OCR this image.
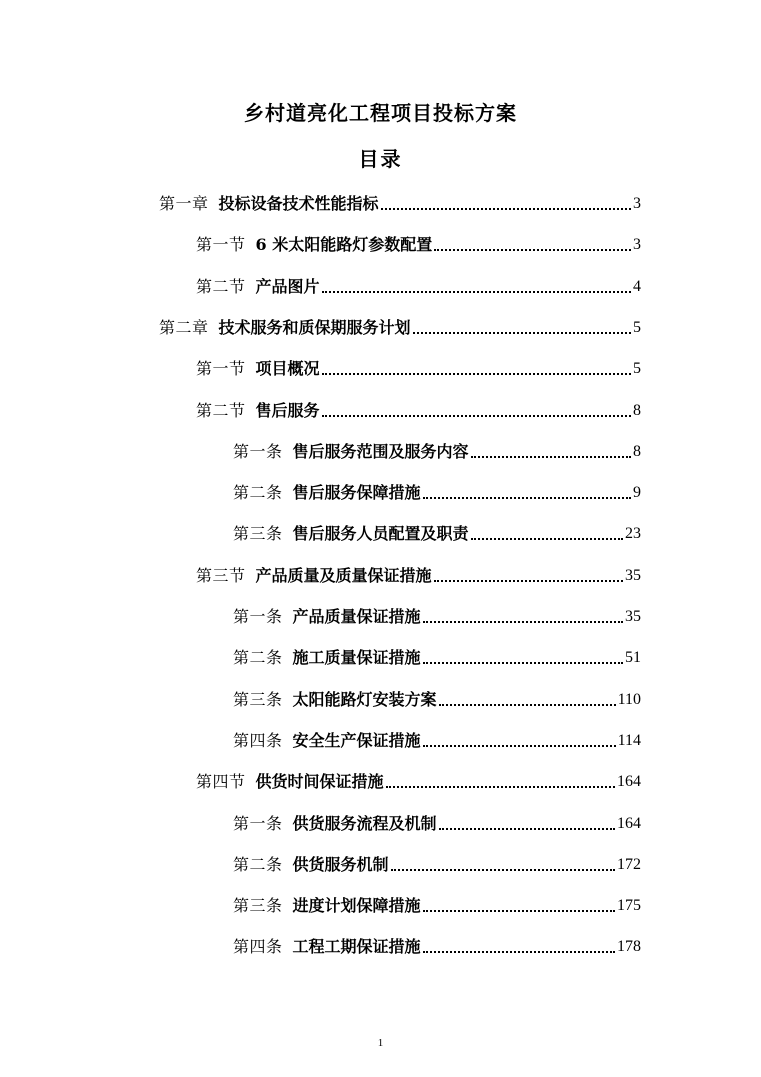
乡村道亮化工程项目投标方案
目录
第一章 投标设备技术性能指标	3
第一节 6 米太阳能路灯参数配置	3
第二节 产品图片	4
第二章 技术服务和质保期服务计划	5
第一节 项目概况	5
第二节 售后服务	8
第一条 售后服务范围及服务内容	8
第二条 售后服务保障措施	9
第三条 售后服务人员配置及职责	23
第三节 产品质量及质量保证措施	35
第一条 产品质量保证措施	35
第二条 施工质量保证措施	51
第三条 太阳能路灯安装方案	110
第四条 安全生产保证措施	114
第四节 供货时间保证措施	164
第一条 供货服务流程及机制	164
第二条 供货服务机制	172
第三条 进度计划保障措施	175
第四条 工程工期保证措施	178
1
